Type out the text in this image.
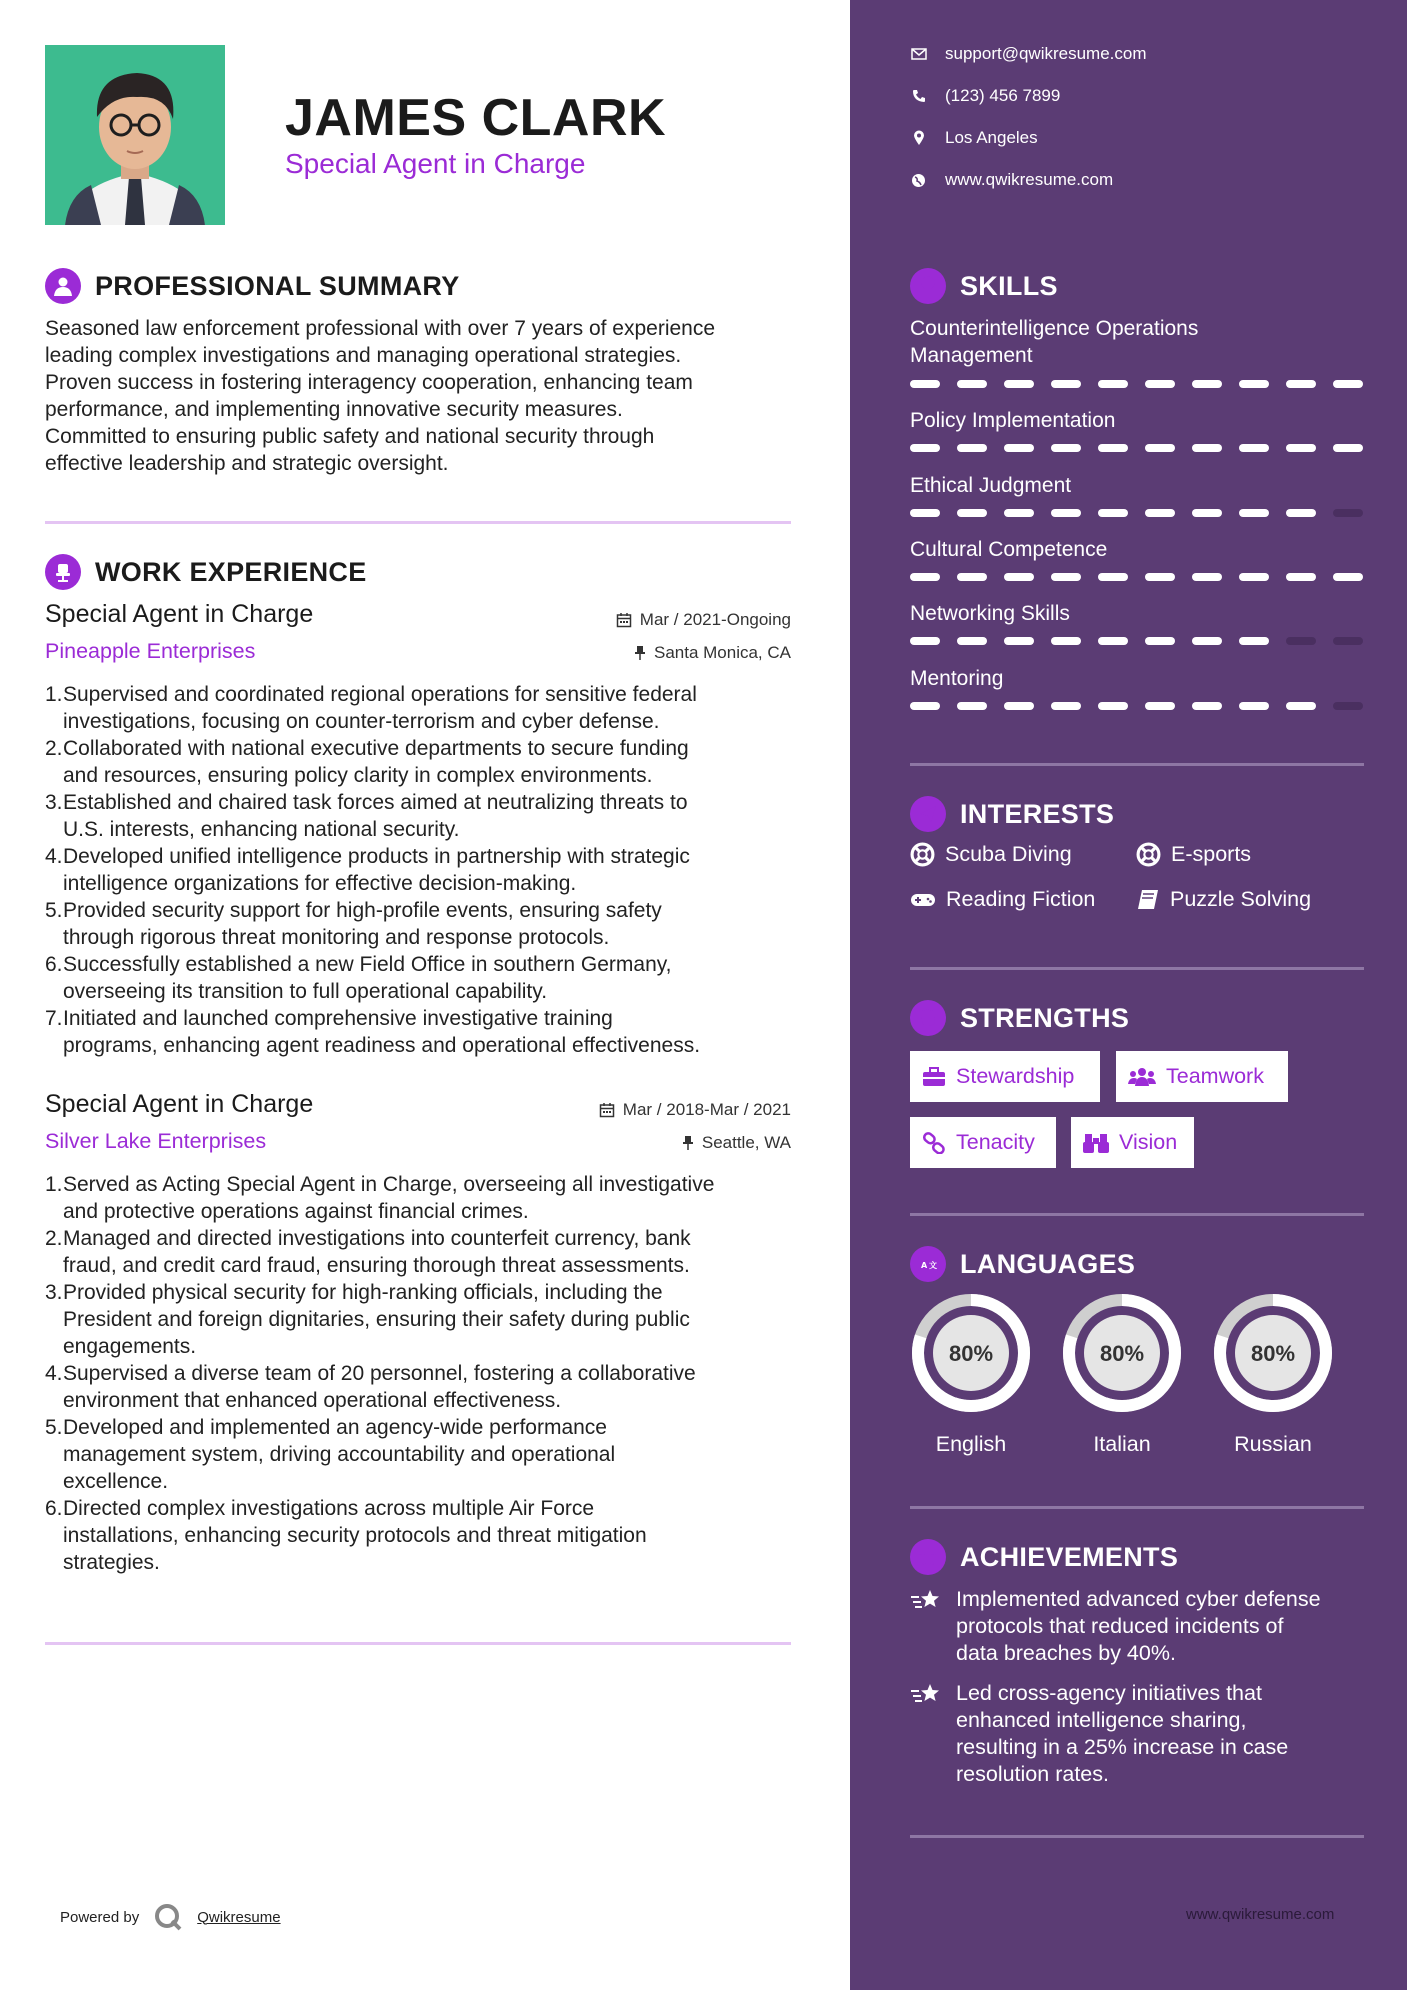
JAMES CLARK
Special Agent in Charge
PROFESSIONAL SUMMARY
Seasoned law enforcement professional with over 7 years of experience
leading complex investigations and managing operational strategies.
Proven success in fostering interagency cooperation, enhancing team
performance, and implementing innovative security measures.
Committed to ensuring public safety and national security through
effective leadership and strategic oversight.
WORK EXPERIENCE
Special Agent in Charge	Mar / 2021-Ongoing
Pineapple Enterprises	Santa Monica, CA
1. Supervised and coordinated regional operations for sensitive federal
investigations, focusing on counter-terrorism and cyber defense.
2. Collaborated with national executive departments to secure funding
and resources, ensuring policy clarity in complex environments.
3. Established and chaired task forces aimed at neutralizing threats to
U.S. interests, enhancing national security.
4. Developed unified intelligence products in partnership with strategic
intelligence organizations for effective decision-making.
5. Provided security support for high-profile events, ensuring safety
through rigorous threat monitoring and response protocols.
6. Successfully established a new Field Office in southern Germany,
overseeing its transition to full operational capability.
7. Initiated and launched comprehensive investigative training
programs, enhancing agent readiness and operational effectiveness.
Special Agent in Charge	Mar / 2018-Mar / 2021
Silver Lake Enterprises	Seattle, WA
1. Served as Acting Special Agent in Charge, overseeing all investigative
and protective operations against financial crimes.
2. Managed and directed investigations into counterfeit currency, bank
fraud, and credit card fraud, ensuring thorough threat assessments.
3. Provided physical security for high-ranking officials, including the
President and foreign dignitaries, ensuring their safety during public
engagements.
4. Supervised a diverse team of 20 personnel, fostering a collaborative
environment that enhanced operational effectiveness.
5. Developed and implemented an agency-wide performance
management system, driving accountability and operational
excellence.
6. Directed complex investigations across multiple Air Force
installations, enhancing security protocols and threat mitigation
strategies.
Powered by	Qwikresume
support@qwikresume.com
(123) 456 7899
Los Angeles
www.qwikresume.com
SKILLS
Counterintelligence Operations
Management
Policy Implementation
Ethical Judgment
Cultural Competence
Networking Skills
Mentoring
INTERESTS
Scuba Diving	E-sports
Reading Fiction	Puzzle Solving
STRENGTHS
Stewardship	Teamwork
Tenacity	Vision
A 文 LANGUAGES
80%
English
80%
Italian
80%
Russian
ACHIEVEMENTS
Implemented advanced cyber defense
protocols that reduced incidents of
data breaches by 40%.
Led cross-agency initiatives that
enhanced intelligence sharing,
resulting in a 25% increase in case
resolution rates.
www.qwikresume.com
